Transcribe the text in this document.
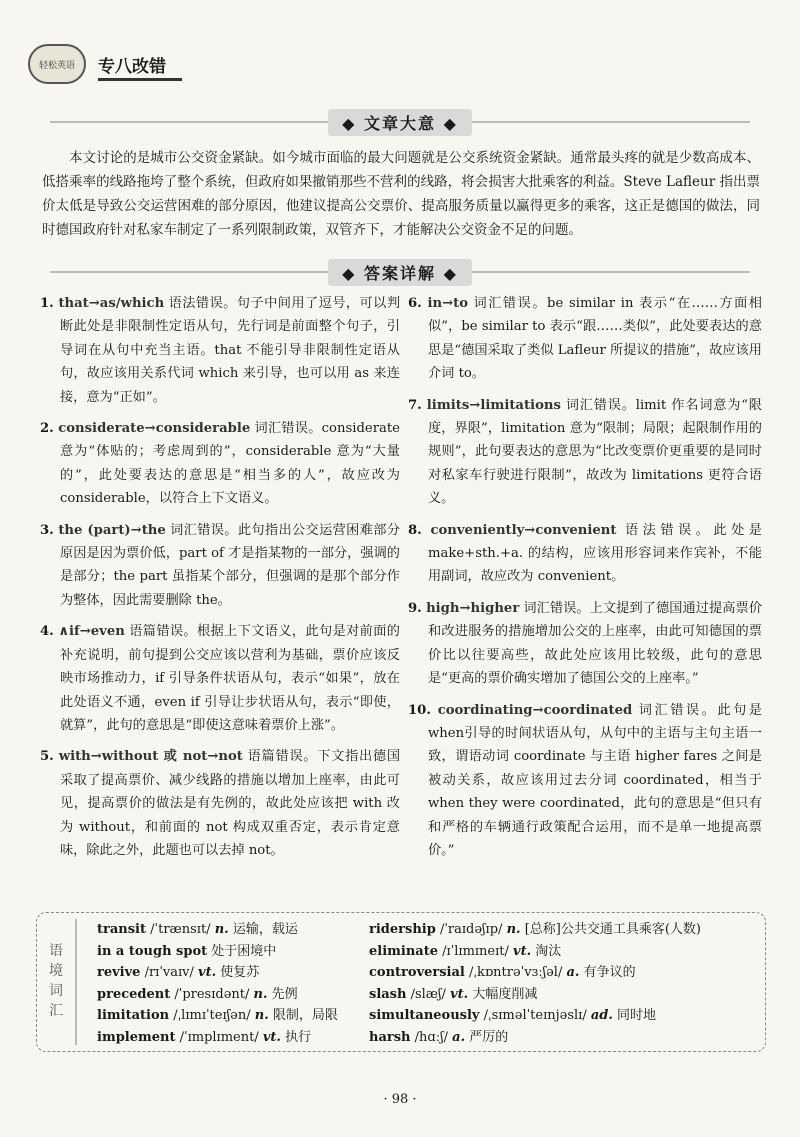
轻松英语	专八改错
◆ 文章大意 ◆
本文讨论的是城市公交资金紧缺。如今城市面临的最大问题就是公交系统资金紧缺。通常最头疼的就是少数高成本、低搭乘率的线路拖垮了整个系统，但政府如果撤销那些不营利的线路，将会损害大批乘客的利益。Steve Lafleur 指出票价太低是导致公交运营困难的部分原因，他建议提高公交票价、提高服务质量以赢得更多的乘客，这正是德国的做法，同时德国政府针对私家车制定了一系列限制政策，双管齐下，才能解决公交资金不足的问题。
◆ 答案详解 ◆
1. that→as/which 语法错误。句子中间用了逗号，可以判断此处是非限制性定语从句，先行词是前面整个句子，引导词在从句中充当主语。that 不能引导非限制性定语从句，故应该用关系代词 which 来引导，也可以用 as 来连接，意为“正如”。
2. considerate→considerable 词汇错误。considerate 意为“体贴的；考虑周到的”，considerable 意为“大量的”，此处要表达的意思是“相当多的人”，故应改为 considerable，以符合上下文语义。
3. the (part)→the 词汇错误。此句指出公交运营困难部分原因是因为票价低，part of 才是指某物的一部分，强调的是部分；the part 虽指某个部分，但强调的是那个部分作为整体，因此需要删除 the。
4. ∧if→even 语篇错误。根据上下文语义，此句是对前面的补充说明，前句提到公交应该以营利为基础，票价应该反映市场推动力，if 引导条件状语从句，表示“如果”，放在此处语义不通，even if 引导让步状语从句，表示“即使，就算”，此句的意思是“即使这意味着票价上涨”。
5. with→without 或 not→not 语篇错误。下文指出德国采取了提高票价、减少线路的措施以增加上座率，由此可见，提高票价的做法是有先例的，故此处应该把 with 改为 without，和前面的 not 构成双重否定，表示肯定意味，除此之外，此题也可以去掉 not。
6. in→to 词汇错误。be similar in 表示“在……方面相似”，be similar to 表示“跟……类似”，此处要表达的意思是“德国采取了类似 Lafleur 所提议的措施”，故应该用介词 to。
7. limits→limitations 词汇错误。limit 作名词意为“限度，界限”，limitation 意为“限制；局限；起限制作用的规则”，此句要表达的意思为“比改变票价更重要的是同时对私家车行驶进行限制”，故改为 limitations 更符合语义。
8. conveniently→convenient 语法错误。此处是 make+sth.+a. 的结构，应该用形容词来作宾补，不能用副词，故应改为 convenient。
9. high→higher 词汇错误。上文提到了德国通过提高票价和改进服务的措施增加公交的上座率，由此可知德国的票价比以往要高些，故此处应该用比较级，此句的意思是“更高的票价确实增加了德国公交的上座率。”
10. coordinating→coordinated 词汇错误。此句是when引导的时间状语从句，从句中的主语与主句主语一致，谓语动词 coordinate 与主语 higher fares 之间是被动关系，故应该用过去分词 coordinated，相当于 when they were coordinated，此句的意思是“但只有和严格的车辆通行政策配合运用，而不是单一地提高票价。”
语境词汇
transit /ˈtrænsɪt/ n. 运输，载运
in a tough spot 处于困境中
revive /rɪˈvaɪv/ vt. 使复苏
precedent /ˈpresɪdənt/ n. 先例
limitation /ˌlɪmɪˈteɪʃən/ n. 限制，局限
implement /ˈɪmplɪment/ vt. 执行
ridership /ˈraɪdəʃɪp/ n. [总称]公共交通工具乘客(人数)
eliminate /ɪˈlɪmɪneɪt/ vt. 淘汰
controversial /ˌkɒntrəˈvɜːʃəl/ a. 有争议的
slash /slæʃ/ vt. 大幅度削减
simultaneously /ˌsɪməlˈteɪnjəslɪ/ ad. 同时地
harsh /hɑːʃ/ a. 严厉的
· 98 ·
